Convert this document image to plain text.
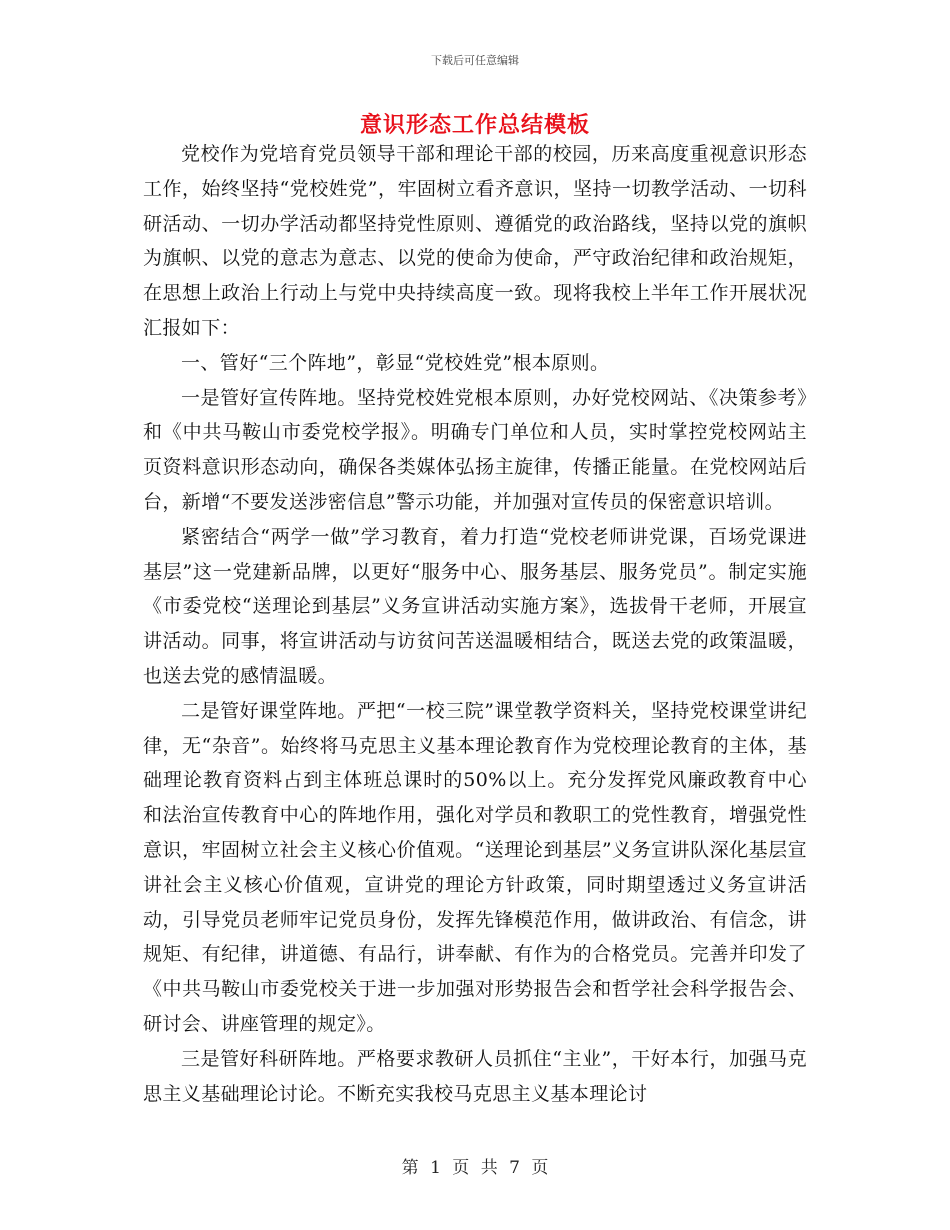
下载后可任意编辑
意识形态工作总结模板

党校作为党培育党员领导干部和理论干部的校园，历来高度重视意识形态工作，始终坚持“党校姓党”，牢固树立看齐意识，坚持一切教学活动、一切科研活动、一切办学活动都坚持党性原则、遵循党的政治路线，坚持以党的旗帜为旗帜、以党的意志为意志、以党的使命为使命，严守政治纪律和政治规矩，在思想上政治上行动上与党中央持续高度一致。现将我校上半年工作开展状况汇报如下：

一、管好“三个阵地”，彰显“党校姓党”根本原则。

一是管好宣传阵地。坚持党校姓党根本原则，办好党校网站、《决策参考》和《中共马鞍山市委党校学报》。明确专门单位和人员，实时掌控党校网站主页资料意识形态动向，确保各类媒体弘扬主旋律，传播正能量。在党校网站后台，新增“不要发送涉密信息”警示功能，并加强对宣传员的保密意识培训。

紧密结合“两学一做”学习教育，着力打造“党校老师讲党课，百场党课进基层”这一党建新品牌，以更好“服务中心、服务基层、服务党员”。制定实施《市委党校“送理论到基层”义务宣讲活动实施方案》，选拔骨干老师，开展宣讲活动。同事，将宣讲活动与访贫问苦送温暖相结合，既送去党的政策温暖，也送去党的感情温暖。

二是管好课堂阵地。严把“一校三院”课堂教学资料关，坚持党校课堂讲纪律，无“杂音”。始终将马克思主义基本理论教育作为党校理论教育的主体，基础理论教育资料占到主体班总课时的50%以上。充分发挥党风廉政教育中心和法治宣传教育中心的阵地作用，强化对学员和教职工的党性教育，增强党性意识，牢固树立社会主义核心价值观。“送理论到基层”义务宣讲队深化基层宣讲社会主义核心价值观，宣讲党的理论方针政策，同时期望透过义务宣讲活动，引导党员老师牢记党员身份，发挥先锋模范作用，做讲政治、有信念，讲规矩、有纪律，讲道德、有品行，讲奉献、有作为的合格党员。完善并印发了《中共马鞍山市委党校关于进一步加强对形势报告会和哲学社会科学报告会、研讨会、讲座管理的规定》。

三是管好科研阵地。严格要求教研人员抓住“主业”，干好本行，加强马克思主义基础理论讨论。不断充实我校马克思主义基本理论讨

第 1 页 共 7 页
